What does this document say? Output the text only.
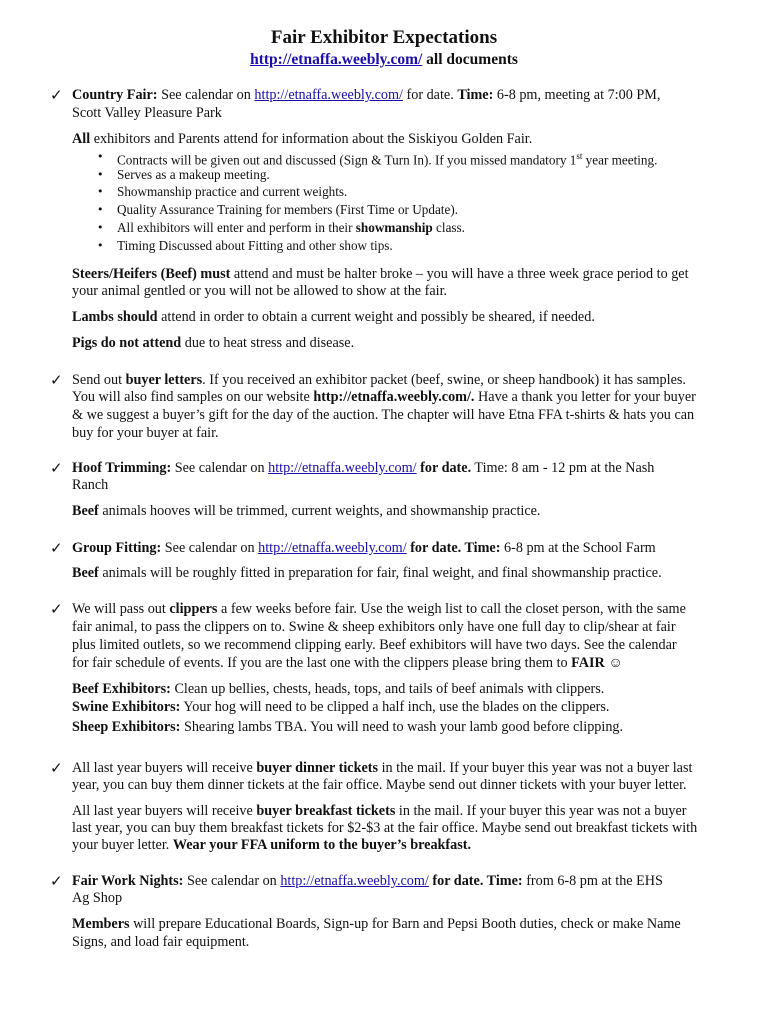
Fair Exhibitor Expectations
http://etnaffa.weebly.com/ all documents
✓ Country Fair: See calendar on http://etnaffa.weebly.com/ for date. Time: 6-8 pm, meeting at 7:00 PM,
Scott Valley Pleasure Park
All exhibitors and Parents attend for information about the Siskiyou Golden Fair.
• Contracts will be given out and discussed (Sign & Turn In). If you missed mandatory 1st year meeting.
• Serves as a makeup meeting.
• Showmanship practice and current weights.
• Quality Assurance Training for members (First Time or Update).
• All exhibitors will enter and perform in their showmanship class.
• Timing Discussed about Fitting and other show tips.
Steers/Heifers (Beef) must attend and must be halter broke – you will have a three week grace period to get
your animal gentled or you will not be allowed to show at the fair.
Lambs should attend in order to obtain a current weight and possibly be sheared, if needed.
Pigs do not attend due to heat stress and disease.
✓ Send out buyer letters. If you received an exhibitor packet (beef, swine, or sheep handbook) it has samples.
You will also find samples on our website http://etnaffa.weebly.com/. Have a thank you letter for your buyer
& we suggest a buyer’s gift for the day of the auction. The chapter will have Etna FFA t-shirts & hats you can
buy for your buyer at fair.
✓ Hoof Trimming: See calendar on http://etnaffa.weebly.com/ for date. Time: 8 am - 12 pm at the Nash
Ranch
Beef animals hooves will be trimmed, current weights, and showmanship practice.
✓ Group Fitting: See calendar on http://etnaffa.weebly.com/ for date. Time: 6-8 pm at the School Farm
Beef animals will be roughly fitted in preparation for fair, final weight, and final showmanship practice.
✓ We will pass out clippers a few weeks before fair. Use the weigh list to call the closet person, with the same
fair animal, to pass the clippers on to. Swine & sheep exhibitors only have one full day to clip/shear at fair
plus limited outlets, so we recommend clipping early. Beef exhibitors will have two days. See the calendar
for fair schedule of events. If you are the last one with the clippers please bring them to FAIR ☺
Beef Exhibitors: Clean up bellies, chests, heads, tops, and tails of beef animals with clippers.
Swine Exhibitors: Your hog will need to be clipped a half inch, use the blades on the clippers.
Sheep Exhibitors: Shearing lambs TBA. You will need to wash your lamb good before clipping.
✓ All last year buyers will receive buyer dinner tickets in the mail. If your buyer this year was not a buyer last
year, you can buy them dinner tickets at the fair office. Maybe send out dinner tickets with your buyer letter.
All last year buyers will receive buyer breakfast tickets in the mail. If your buyer this year was not a buyer
last year, you can buy them breakfast tickets for $2-$3 at the fair office. Maybe send out breakfast tickets with
your buyer letter. Wear your FFA uniform to the buyer’s breakfast.
✓ Fair Work Nights: See calendar on http://etnaffa.weebly.com/ for date. Time: from 6-8 pm at the EHS
Ag Shop
Members will prepare Educational Boards, Sign-up for Barn and Pepsi Booth duties, check or make Name
Signs, and load fair equipment.
